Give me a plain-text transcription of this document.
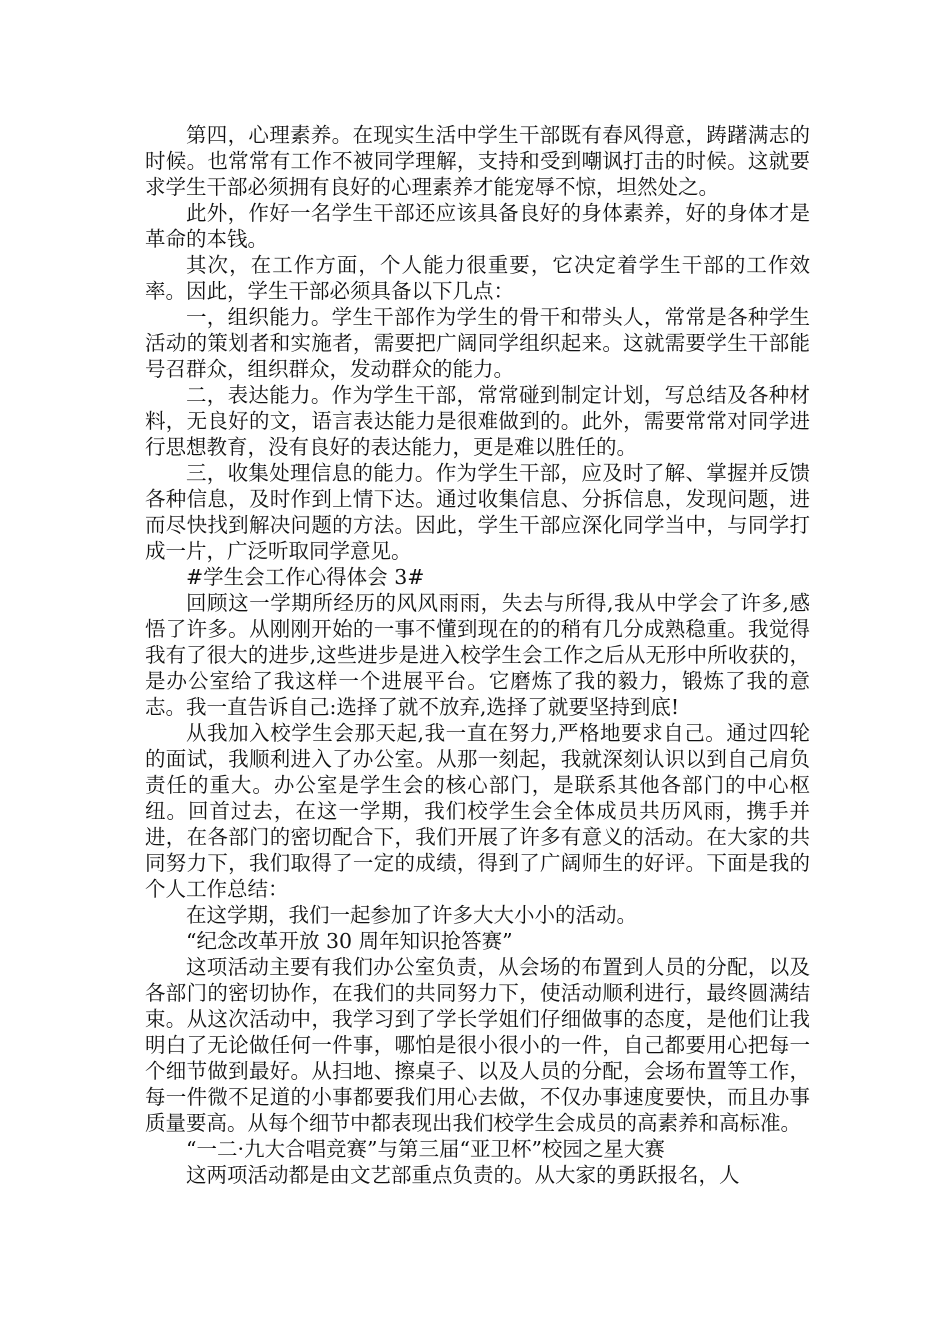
第四，心理素养。在现实生活中学生干部既有春风得意，踌躇满志的时候。也常常有工作不被同学理解，支持和受到嘲讽打击的时候。这就要求学生干部必须拥有良好的心理素养才能宠辱不惊，坦然处之。

此外，作好一名学生干部还应该具备良好的身体素养，好的身体才是革命的本钱。

其次，在工作方面，个人能力很重要，它决定着学生干部的工作效率。因此，学生干部必须具备以下几点：

一，组织能力。学生干部作为学生的骨干和带头人，常常是各种学生活动的策划者和实施者，需要把广阔同学组织起来。这就需要学生干部能号召群众，组织群众，发动群众的能力。

二，表达能力。作为学生干部，常常碰到制定计划，写总结及各种材料，无良好的文，语言表达能力是很难做到的。此外，需要常常对同学进行思想教育，没有良好的表达能力，更是难以胜任的。

三，收集处理信息的能力。作为学生干部，应及时了解、掌握并反馈各种信息，及时作到上情下达。通过收集信息、分拆信息，发现问题，进而尽快找到解决问题的方法。因此，学生干部应深化同学当中，与同学打成一片，广泛听取同学意见。

#学生会工作心得体会 3#

回顾这一学期所经历的风风雨雨，失去与所得,我从中学会了许多,感悟了许多。从刚刚开始的一事不懂到现在的的稍有几分成熟稳重。我觉得我有了很大的进步,这些进步是进入校学生会工作之后从无形中所收获的，是办公室给了我这样一个进展平台。它磨炼了我的毅力，锻炼了我的意志。我一直告诉自己:选择了就不放弃,选择了就要坚持到底!

从我加入校学生会那天起,我一直在努力,严格地要求自己。通过四轮的面试，我顺利进入了办公室。从那一刻起，我就深刻认识以到自己肩负责任的重大。办公室是学生会的核心部门，是联系其他各部门的中心枢纽。回首过去，在这一学期，我们校学生会全体成员共历风雨，携手并进，在各部门的密切配合下，我们开展了许多有意义的活动。在大家的共同努力下，我们取得了一定的成绩，得到了广阔师生的好评。下面是我的个人工作总结：

在这学期，我们一起参加了许多大大小小的活动。

“纪念改革开放 30 周年知识抢答赛”

这项活动主要有我们办公室负责，从会场的布置到人员的分配，以及各部门的密切协作，在我们的共同努力下，使活动顺利进行，最终圆满结束。从这次活动中，我学习到了学长学姐们仔细做事的态度，是他们让我明白了无论做任何一件事，哪怕是很小很小的一件，自己都要用心把每一个细节做到最好。从扫地、擦桌子、以及人员的分配，会场布置等工作，每一件微不足道的小事都要我们用心去做，不仅办事速度要快，而且办事质量要高。从每个细节中都表现出我们校学生会成员的高素养和高标准。

“一二·九大合唱竞赛”与第三届“亚卫杯”校园之星大赛

这两项活动都是由文艺部重点负责的。从大家的勇跃报名，人
